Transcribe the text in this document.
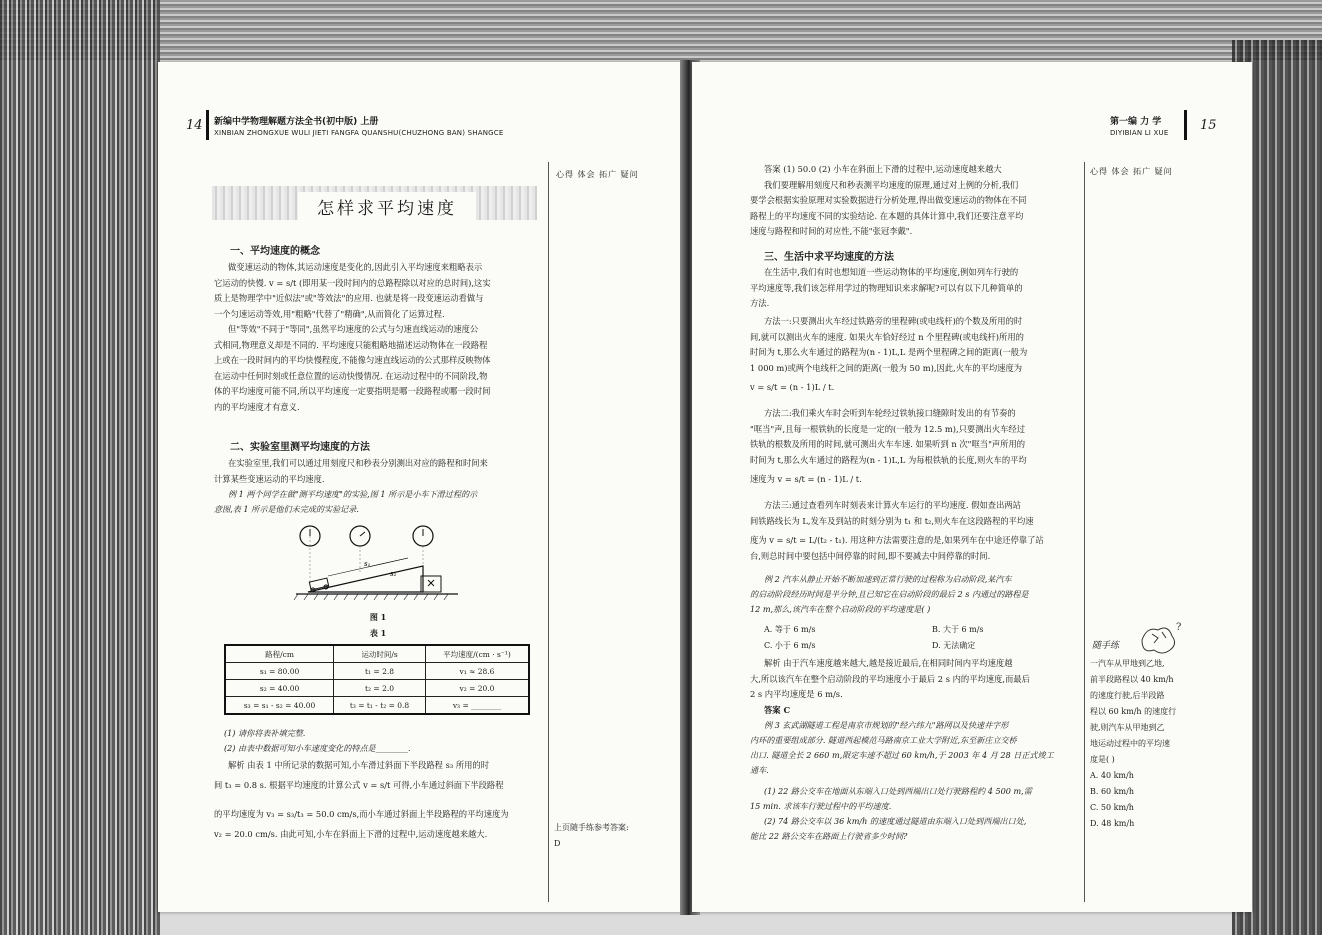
14 新编中学物理解题方法全书(初中版) 上册
XINBIAN ZHONGXUE WULI JIETI FANGFA QUANSHU(CHUZHONG BAN) SHANGCE
心得 体会 拓广 疑问
怎样求平均速度
一、平均速度的概念
做变速运动的物体,其运动速度是变化的,因此引入平均速度来粗略表示
它运动的快慢. v = s/t (即用某一段时间内的总路程除以对应的总时间),这实
质上是物理学中"近似法"或"等效法"的应用. 也就是将一段变速运动看做与
一个匀速运动等效,用"粗略"代替了"精确",从而简化了运算过程.
但"等效"不同于"等同",虽然平均速度的公式与匀速直线运动的速度公
式相同,物理意义却是不同的. 平均速度只能粗略地描述运动物体在一段路程
上或在一段时间内的平均快慢程度,不能像匀速直线运动的公式那样反映物体
在运动中任何时刻或任意位置的运动快慢情况. 在运动过程中的不同阶段,物
体的平均速度可能不同,所以平均速度一定要指明是哪一段路程或哪一段时间
内的平均速度才有意义.
二、实验室里测平均速度的方法
在实验室里,我们可以通过用刻度尺和秒表分别测出对应的路程和时间来
计算某些变速运动的平均速度.
例 1 两个同学在做"测平均速度"的实验,图 1 所示是小车下滑过程的示
意图,表 1 所示是他们未完成的实验记录.
s₁
s₂
图 1
表 1
路程/cm	运动时间/s	平均速度/(cm · s⁻¹)
s₁ = 80.00	t₁ = 2.8	v₁ ≈ 28.6
s₂ = 40.00	t₂ = 2.0	v₂ = 20.0
s₃ = s₁ - s₂ = 40.00	t₃ = t₁ - t₂ = 0.8	v₃ = ________
(1) 请你将表补填完整.
(2) 由表中数据可知小车速度变化的特点是________.
解析 由表 1 中所记录的数据可知,小车滑过斜面下半段路程 s₃ 所用的时
间 t₃ = 0.8 s. 根据平均速度的计算公式 v = s/t 可得,小车通过斜面下半段路程
的平均速度为 v₃ = s₃/t₃ = 50.0 cm/s,而小车通过斜面上半段路程的平均速度为
v₂ = 20.0 cm/s. 由此可知,小车在斜面上下滑的过程中,运动速度越来越大.
上页随手练参考答案:
D
第一编 力 学
DIYIBIAN LI XUE 15
心得 体会 拓广 疑问
答案 (1) 50.0 (2) 小车在斜面上下滑的过程中,运动速度越来越大
我们要理解用刻度尺和秒表测平均速度的原理,通过对上例的分析,我们
要学会根据实验原理对实验数据进行分析处理,得出做变速运动的物体在不同
路程上的平均速度不同的实验结论. 在本题的具体计算中,我们还要注意平均
速度与路程和时间的对应性,不能"张冠李戴".
三、生活中求平均速度的方法
在生活中,我们有时也想知道一些运动物体的平均速度,例如列车行驶的
平均速度等,我们该怎样用学过的物理知识来求解呢?可以有以下几种简单的
方法.
方法一:只要测出火车经过铁路旁的里程碑(或电线杆)的个数及所用的时
间,就可以测出火车的速度. 如果火车恰好经过 n 个里程碑(或电线杆)所用的
时间为 t,那么火车通过的路程为(n - 1)L,L 是两个里程碑之间的距离(一般为
1 000 m)或两个电线杆之间的距离(一般为 50 m),因此,火车的平均速度为
v = s/t = (n - 1)L / t.
方法二:我们乘火车时会听到车轮经过铁轨接口缝隙时发出的有节奏的
"哐当"声,且每一根铁轨的长度是一定的(一般为 12.5 m),只要测出火车经过
铁轨的根数及所用的时间,就可测出火车车速. 如果听到 n 次"哐当"声所用的
时间为 t,那么火车通过的路程为(n - 1)L,L 为每根铁轨的长度,则火车的平均
速度为 v = s/t = (n - 1)L / t.
方法三:通过查看列车时刻表来计算火车运行的平均速度. 假如查出两站
间铁路线长为 L,发车及到站的时刻分别为 t₁ 和 t₂,则火车在这段路程的平均速
度为 v = s/t = L/(t₂ - t₁). 用这种方法需要注意的是,如果列车在中途还停靠了站
台,则总时间中要包括中间停靠的时间,即不要减去中间停靠的时间.
例 2 汽车从静止开始不断加速到正常行驶的过程称为启动阶段,某汽车
的启动阶段经历时间是半分钟,且已知它在启动阶段的最后 2 s 内通过的路程是
12 m,那么,该汽车在整个启动阶段的平均速度是( )
A. 等于 6 m/s	B. 大于 6 m/s
C. 小于 6 m/s	D. 无法确定
解析 由于汽车速度越来越大,越是接近最后,在相同时间内平均速度越
大,所以该汽车在整个启动阶段的平均速度小于最后 2 s 内的平均速度,而最后
2 s 内平均速度是 6 m/s.
答案 C
例 3 玄武湖隧道工程是南京市规划的"经六纬九"路网以及快速井字形
内环的重要组成部分. 隧道西起模范马路南京工业大学附近,东至新庄立交桥
出口. 隧道全长 2 660 m,限定车速不超过 60 km/h,于 2003 年 4 月 28 日正式竣工
通车.
(1) 22 路公交车在地面从东端入口处到西端出口处行驶路程约 4 500 m,需
15 min. 求该车行驶过程中的平均速度.
(2) 74 路公交车以 36 km/h 的速度通过隧道由东端入口处到西端出口处,
能比 22 路公交车在路面上行驶省多少时间?
?
随手练
一汽车从甲地到乙地,
前半段路程以 40 km/h
的速度行驶,后半段路
程以 60 km/h 的速度行
驶,则汽车从甲地到乙
地运动过程中的平均速
度是( )
A. 40 km/h
B. 60 km/h
C. 50 km/h
D. 48 km/h
